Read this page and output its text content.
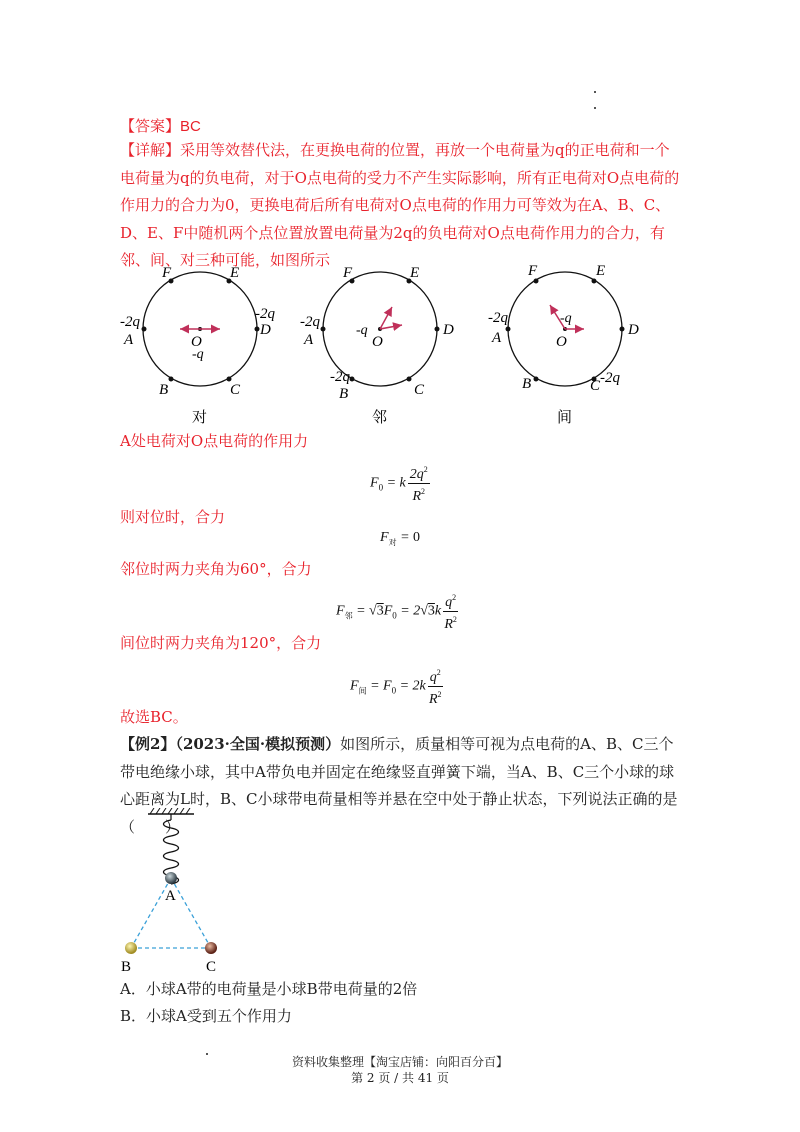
【答案】BC
【详解】采用等效替代法，在更换电荷的位置，再放一个电荷量为q的正电荷和一个电荷量为q的负电荷，对于O点电荷的受力不产生实际影响，所有正电荷对O点电荷的作用力的合力为0，更换电荷后所有电荷对O点电荷的作用力可等效为在A、B、C、D、E、F中随机两个点位置放置电荷量为2q的负电荷对O点电荷作用力的合力，有邻、间、对三种可能，如图所示
F	E
-2q
A
-2q
D
O
-q
B	C
对
F	E
-2q
A
D
-q
O
-2q
B	C
邻
F	E
-2q
A	D
-q
O
B	C -2q
间
A处电荷对O点电荷的作用力
$F_0 = k \frac{2q^2}{R^2}$
则对位时，合力
$F_对 = 0$
邻位时两力夹角为60°，合力
$F_邻 = √3F_0 = 2√3k \frac{q^2}{R^2}$
间位时两力夹角为120°，合力
$F_间 = F_0 = 2k \frac{q^2}{R^2}$
故选BC。
【例2】（2023·全国·模拟预测）如图所示，质量相等可视为点电荷的A、B、C三个带电绝缘小球，其中A带负电并固定在绝缘竖直弹簧下端，当A、B、C三个小球的球心距离为L时，B、C小球带电荷量相等并悬在空中处于静止状态，下列说法正确的是（　　）
A
B	C
A．小球A带的电荷量是小球B带电荷量的2倍
B．小球A受到五个作用力
资料收集整理【淘宝店铺：向阳百分百】
第 2 页 / 共 41 页
